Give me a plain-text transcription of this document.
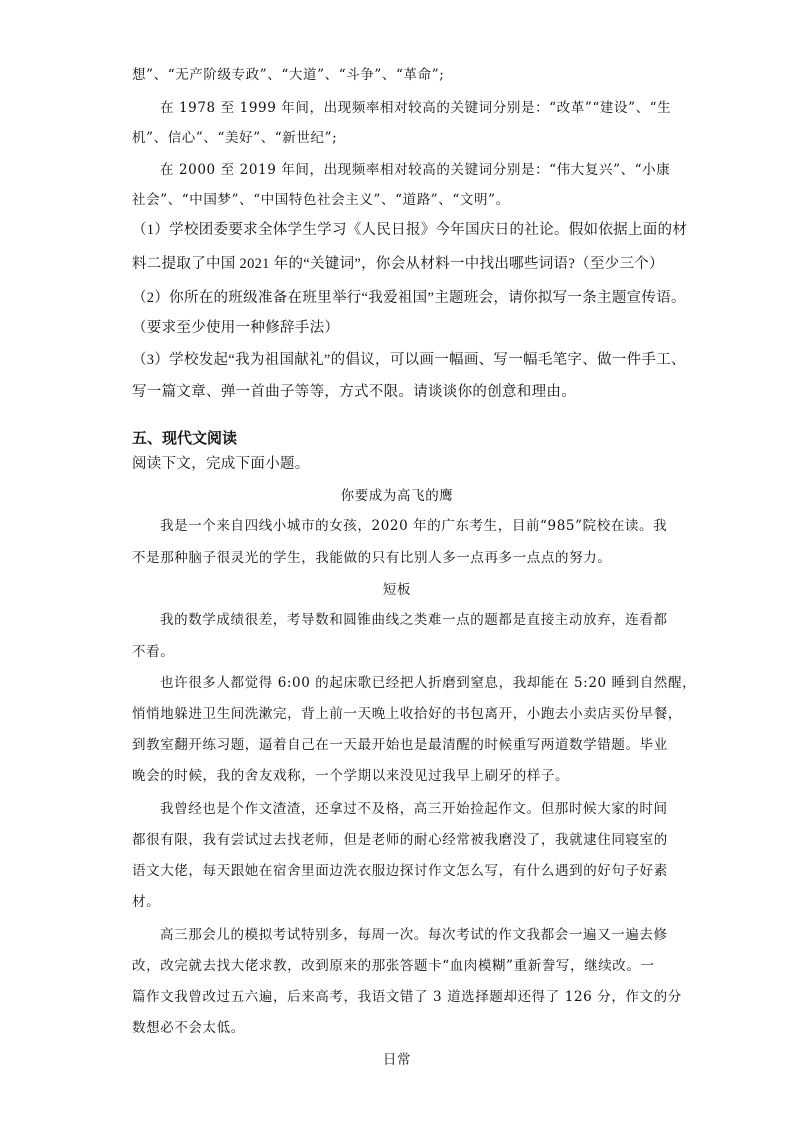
想”、“无产阶级专政”、“大道”、“斗争”、“革命”;
在 1978 至 1999 年间，出现频率相对较高的关键词分别是：“改革”“建设”、“生
机”、信心”、“美好”、“新世纪”;
在 2000 至 2019 年间，出现频率相对较高的关键词分别是：“伟大复兴”、“小康
社会”、“中国梦”、“中国特色社会主义”、“道路”、“文明”。
（1）学校团委要求全体学生学习《人民日报》今年国庆日的社论。假如依据上面的材
料二提取了中国 2021 年的“关键词”，你会从材料一中找出哪些词语?（至少三个）
（2）你所在的班级准备在班里举行“我爱祖国”主题班会，请你拟写一条主题宣传语。
（要求至少使用一种修辞手法）
（3）学校发起“我为祖国献礼”的倡议，可以画一幅画、写一幅毛笔字、做一件手工、
写一篇文章、弹一首曲子等等，方式不限。请谈谈你的创意和理由。
五、现代文阅读
阅读下文，完成下面小题。
你要成为高飞的鹰
我是一个来自四线小城市的女孩，2020 年的广东考生，目前“985”院校在读。我
不是那种脑子很灵光的学生，我能做的只有比别人多一点再多一点点的努力。
短板
我的数学成绩很差，考导数和圆锥曲线之类难一点的题都是直接主动放弃，连看都
不看。
也许很多人都觉得 6:00 的起床歌已经把人折磨到窒息，我却能在 5:20 睡到自然醒，
悄悄地躲进卫生间洗漱完，背上前一天晚上收拾好的书包离开，小跑去小卖店买份早餐，
到教室翻开练习题，逼着自己在一天最开始也是最清醒的时候重写两道数学错题。毕业
晚会的时候，我的舍友戏称，一个学期以来没见过我早上刷牙的样子。
我曾经也是个作文渣渣，还拿过不及格，高三开始捡起作文。但那时候大家的时间
都很有限，我有尝试过去找老师，但是老师的耐心经常被我磨没了，我就逮住同寝室的
语文大佬，每天跟她在宿舍里面边洗衣服边探讨作文怎么写，有什么遇到的好句子好素
材。
高三那会儿的模拟考试特别多，每周一次。每次考试的作文我都会一遍又一遍去修
改，改完就去找大佬求教，改到原来的那张答题卡“血肉模糊”重新誊写，继续改。一
篇作文我曾改过五六遍，后来高考，我语文错了 3 道选择题却还得了 126 分，作文的分
数想必不会太低。
日常
